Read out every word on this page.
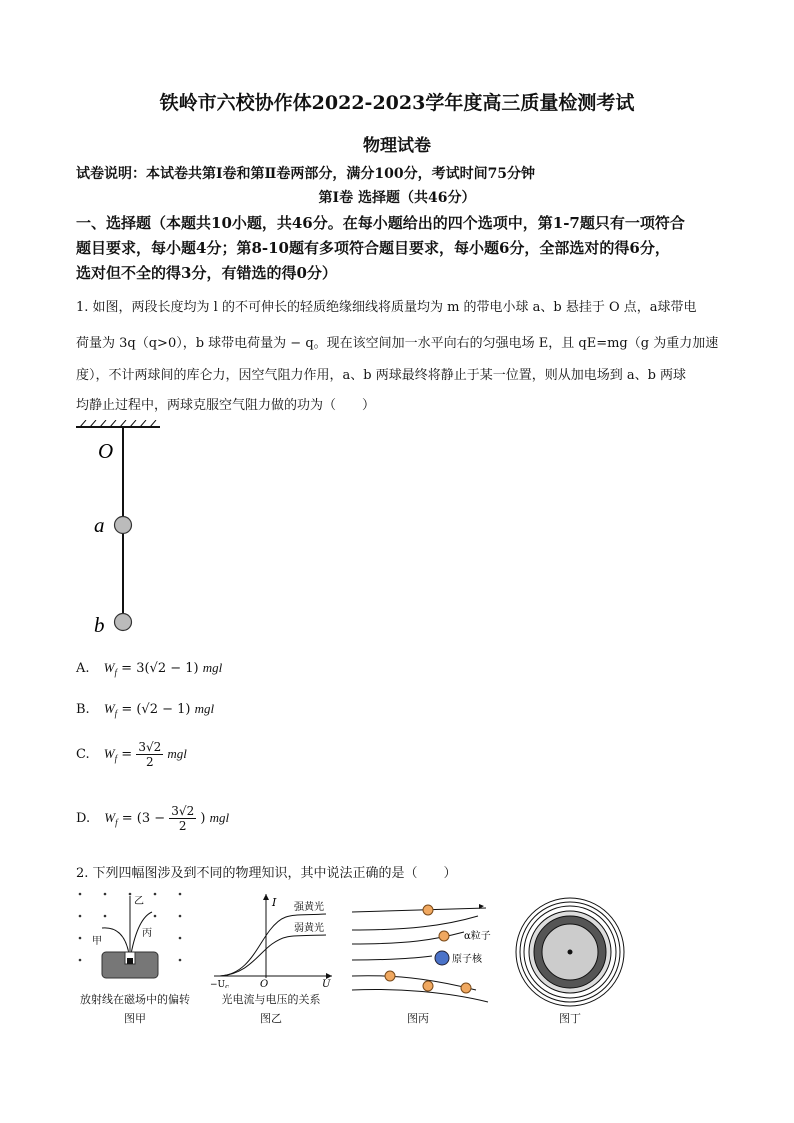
铁岭市六校协作体2022-2023学年度高三质量检测考试
物理试卷
试卷说明：本试卷共第Ⅰ卷和第Ⅱ卷两部分，满分100分，考试时间75分钟
第Ⅰ卷 选择题（共46分）
一、选择题（本题共10小题，共46分。在每小题给出的四个选项中，第1-7题只有一项符合
题目要求，每小题4分；第8-10题有多项符合题目要求，每小题6分，全部选对的得6分，
选对但不全的得3分，有错选的得0分）
1. 如图，两段长度均为 l 的不可伸长的轻质绝缘细线将质量均为 m 的带电小球 a、b 悬挂于 O 点，a球带电
荷量为 3q（q>0），b 球带电荷量为 − q。现在该空间加一水平向右的匀强电场 E，且 qE=mg（g 为重力加速
度），不计两球间的库仑力，因空气阻力作用，a、b 两球最终将静止于某一位置，则从加电场到 a、b 两球
均静止过程中，两球克服空气阻力做的功为（　　）
O
a
b
A. $W_f = 3(√2 - 1)$ mgl
B. $W_f = (√2 - 1)$ mgl
C. $W_f = \frac{3√2}{2}$ mgl
D. $W_f = (3 - \frac{3√2}{2}$ ) mgl
2. 下列四幅图涉及到不同的物理知识，其中说法正确的是（　　）
乙
甲
丙
放射线在磁场中的偏转
图甲
I 强黄光
弱黄光
$-U_c$	O	U
光电流与电压的关系
图乙
α粒子
原子核
图丙	图丁
